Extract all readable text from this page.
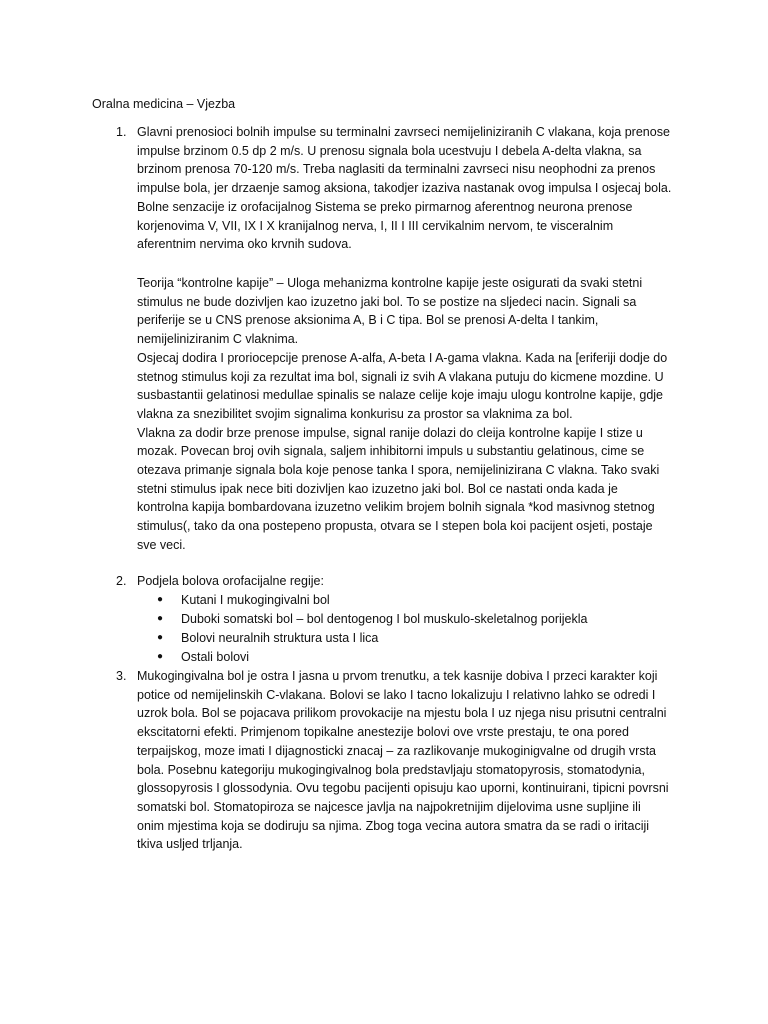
Oralna medicina – Vjezba
1. Glavni prenosioci bolnih impulse su terminalni zavrseci nemijeliniziranih C vlakana, koja prenose
impulse brzinom 0.5 dp 2 m/s. U prenosu signala bola ucestvuju I debela A-delta vlakna, sa
brzinom prenosa 70-120 m/s. Treba naglasiti da terminalni zavrseci nisu neophodni za prenos
impulse bola, jer drzaenje samog aksiona, takodjer izaziva nastanak ovog impulsa I osjecaj bola.
Bolne senzacije iz orofacijalnog Sistema se preko pirmarnog aferentnog neurona prenose
korjenovima V, VII, IX I X kranijalnog nerva, I, II I III cervikalnim nervom, te visceralnim
aferentnim nervima oko krvnih sudova.
Teorija “kontrolne kapije” – Uloga mehanizma kontrolne kapije jeste osigurati da svaki stetni
stimulus ne bude dozivljen kao izuzetno jaki bol. To se postize na sljedeci nacin. Signali sa
periferije se u CNS prenose aksionima A, B i C tipa. Bol se prenosi A-delta I tankim,
nemijeliniziranim C vlaknima.
Osjecaj dodira I proriocepcije prenose A-alfa, A-beta I A-gama vlakna. Kada na [eriferiji dodje do
stetnog stimulus koji za rezultat ima bol, signali iz svih A vlakana putuju do kicmene mozdine. U
susbastantii gelatinosi medullae spinalis se nalaze celije koje imaju ulogu kontrolne kapije, gdje
vlakna za snezibilitet svojim signalima konkurisu za prostor sa vlaknima za bol.
Vlakna za dodir brze prenose impulse, signal ranije dolazi do cleija kontrolne kapije I stize u
mozak. Povecan broj ovih signala, saljem inhibitorni impuls u substantiu gelatinous, cime se
otezava primanje signala bola koje penose tanka I spora, nemijelinizirana C vlakna. Tako svaki
stetni stimulus ipak nece biti dozivljen kao izuzetno jaki bol. Bol ce nastati onda kada je
kontrolna kapija bombardovana izuzetno velikim brojem bolnih signala *kod masivnog stetnog
stimulus(, tako da ona postepeno propusta, otvara se I stepen bola koi pacijent osjeti, postaje
sve veci.
2. Podjela bolova orofacijalne regije:
● Kutani I mukogingivalni bol
● Duboki somatski bol – bol dentogenog I bol muskulo-skeletalnog porijekla
● Bolovi neuralnih struktura usta I lica
● Ostali bolovi
3. Mukogingivalna bol je ostra I jasna u prvom trenutku, a tek kasnije dobiva I przeci karakter koji
potice od nemijelinskih C-vlakana. Bolovi se lako I tacno lokalizuju I relativno lahko se odredi I
uzrok bola. Bol se pojacava prilikom provokacije na mjestu bola I uz njega nisu prisutni centralni
ekscitatorni efekti. Primjenom topikalne anestezije bolovi ove vrste prestaju, te ona pored
terpaijskog, moze imati I dijagnosticki znacaj – za razlikovanje mukoginigvalne od drugih vrsta
bola. Posebnu kategoriju mukogingivalnog bola predstavljaju stomatopyrosis, stomatodynia,
glossopyrosis I glossodynia. Ovu tegobu pacijenti opisuju kao uporni, kontinuirani, tipicni povrsni
somatski bol. Stomatopiroza se najcesce javlja na najpokretnijim dijelovima usne supljine ili
onim mjestima koja se dodiruju sa njima. Zbog toga vecina autora smatra da se radi o iritaciji
tkiva usljed trljanja.
